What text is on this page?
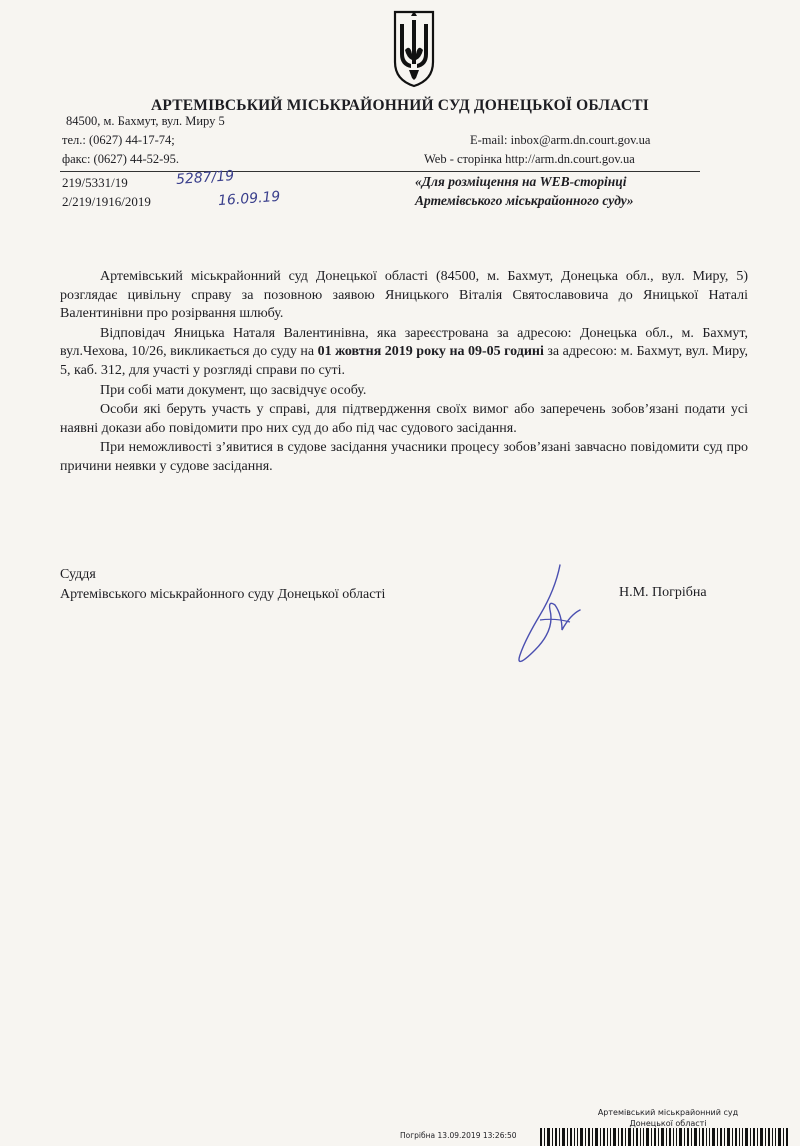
АРТЕМІВСЬКИЙ МІСЬКРАЙОННИЙ СУД ДОНЕЦЬКОЇ ОБЛАСТІ
84500, м. Бахмут, вул. Миру 5
тел.: (0627) 44-17-74;
факс: (0627) 44-52-95.
E-mail: inbox@arm.dn.court.gov.ua
Web - сторінка http://arm.dn.court.gov.ua
219/5331/19
2/219/1916/2019
5287/19
16.09.19
«Для розміщення на WEB-сторінці
Артемівського міськрайонного суду»

Артемівський міськрайонний суд Донецької області (84500, м. Бахмут, Донецька обл., вул. Миру, 5) розглядає цивільну справу за позовною заявою Яницького Віталія Святославовича до Яницької Наталі Валентинівни про розірвання шлюбу.

Відповідач Яницька Наталя Валентинівна, яка зареєстрована за адресою: Донецька обл., м. Бахмут, вул.Чехова, 10/26, викликається до суду на 01 жовтня 2019 року на 09-05 годині за адресою: м. Бахмут, вул. Миру, 5, каб. 312, для участі у розгляді справи по суті.

При собі мати документ, що засвідчує особу.

Особи які беруть участь у справі, для підтвердження своїх вимог або заперечень зобов’язані подати усі наявні докази або повідомити про них суд до або під час судового засідання.

При неможливості з’явитися в судове засідання учасники процесу зобов’язані завчасно повідомити суд про причини неявки у судове засідання.

Суддя
Артемівського міськрайонного суду Донецької області	Н.М. Погрібна
Артемівський міськрайонний суд
Донецької області
Погрібна 13.09.2019 13:26:50
